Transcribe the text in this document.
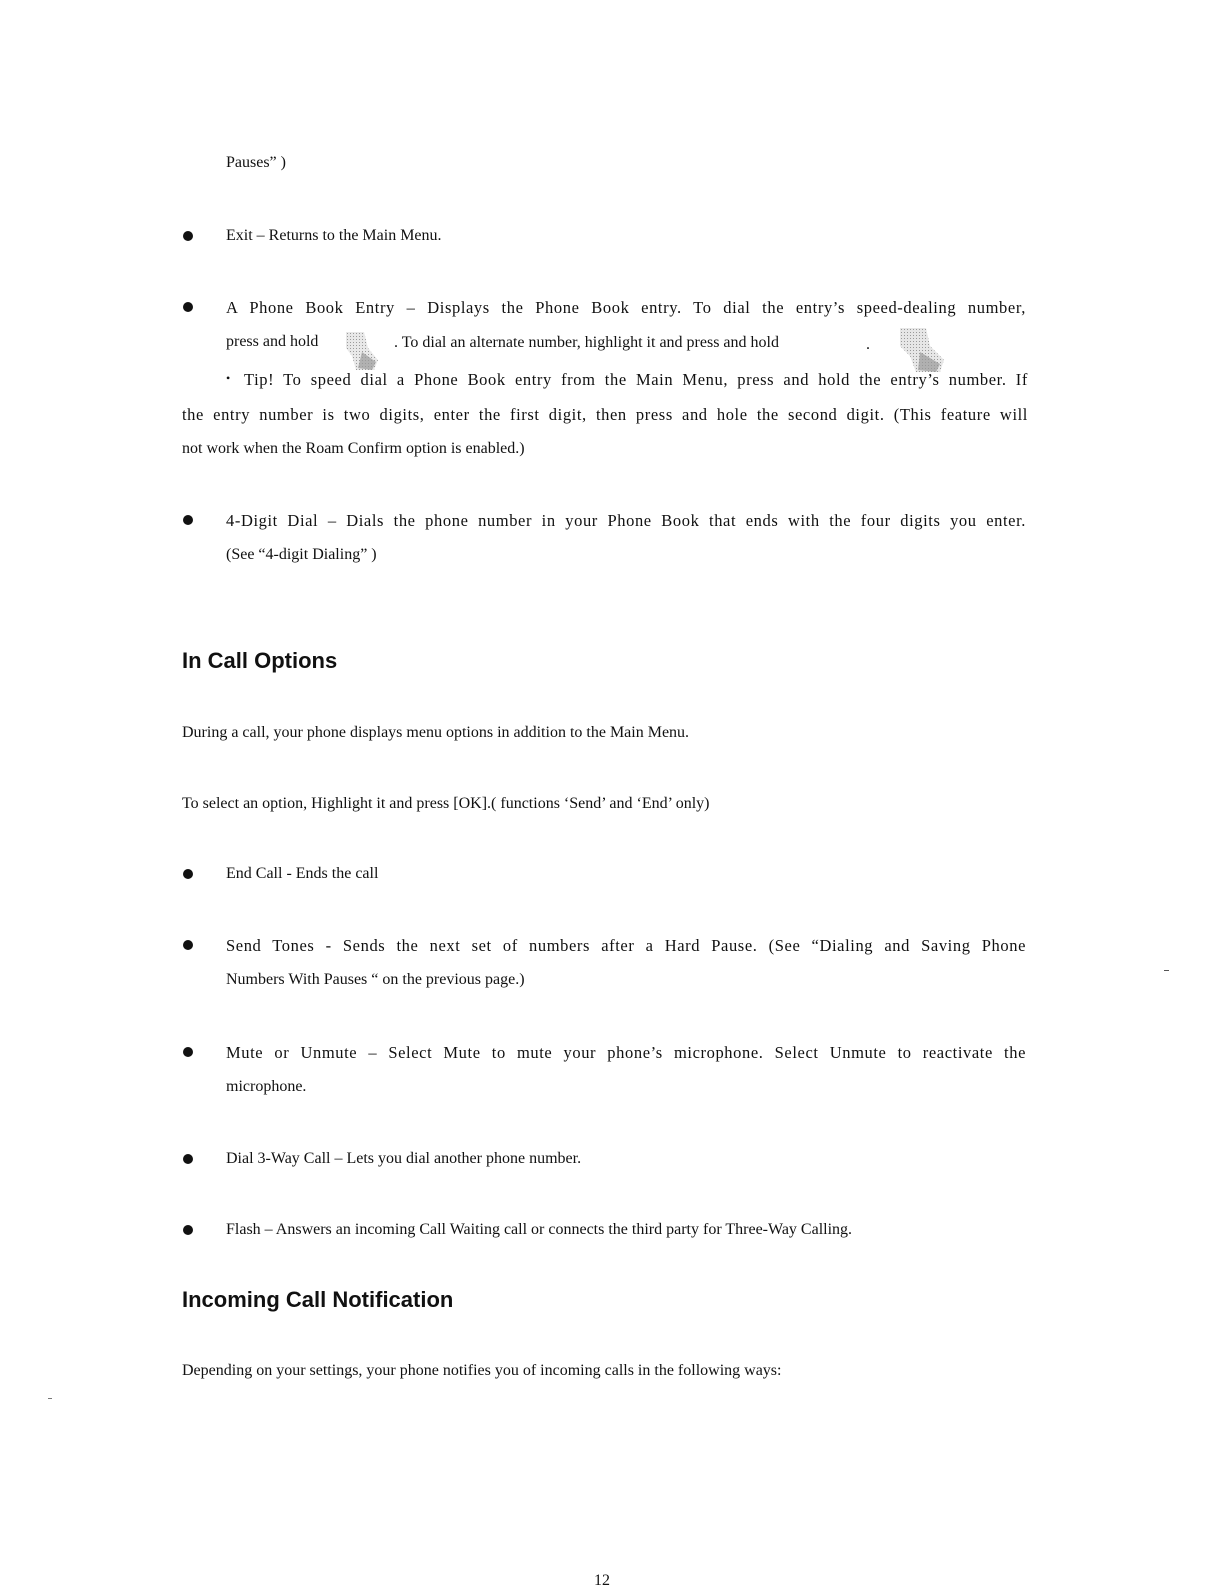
Pauses” )

Exit – Returns to the Main Menu.

A Phone Book Entry – Displays the Phone Book entry. To dial the entry’s speed-dealing number,

press and hold	. To dial an alternate number, highlight it and press and hold	.

• Tip! To speed dial a Phone Book entry from the Main Menu, press and hold the entry’s number. If

the entry number is two digits, enter the first digit, then press and hole the second digit. (This feature will

not work when the Roam Confirm option is enabled.)

4-Digit Dial – Dials the phone number in your Phone Book that ends with the four digits you enter.

(See “4-digit Dialing” )

In Call Options

During a call, your phone displays menu options in addition to the Main Menu.

To select an option, Highlight it and press [OK].( functions ‘Send’ and ‘End’ only)

End Call - Ends the call

Send Tones - Sends the next set of numbers after a Hard Pause. (See “Dialing and Saving Phone

Numbers With Pauses “ on the previous page.)

Mute or Unmute – Select Mute to mute your phone’s microphone. Select Unmute to reactivate the

microphone.

Dial 3-Way Call – Lets you dial another phone number.

Flash – Answers an incoming Call Waiting call or connects the third party for Three-Way Calling.

Incoming Call Notification

Depending on your settings, your phone notifies you of incoming calls in the following ways:

12
